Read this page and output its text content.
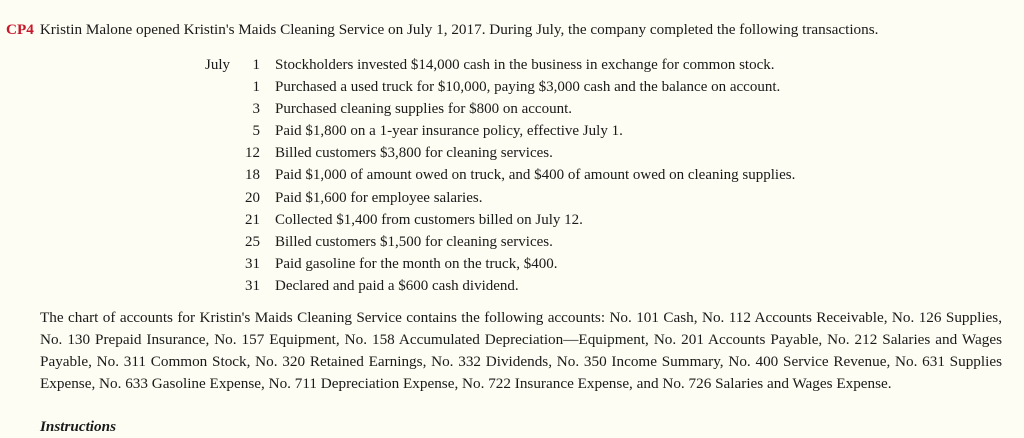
CP4 Kristin Malone opened Kristin's Maids Cleaning Service on July 1, 2017. During July, the company completed the following transactions.
July	1 Stockholders invested $14,000 cash in the business in exchange for common stock.
1 Purchased a used truck for $10,000, paying $3,000 cash and the balance on account.
3 Purchased cleaning supplies for $800 on account.
5 Paid $1,800 on a 1-year insurance policy, effective July 1.
12 Billed customers $3,800 for cleaning services.
18 Paid $1,000 of amount owed on truck, and $400 of amount owed on cleaning supplies.
20 Paid $1,600 for employee salaries.
21 Collected $1,400 from customers billed on July 12.
25 Billed customers $1,500 for cleaning services.
31 Paid gasoline for the month on the truck, $400.
31 Declared and paid a $600 cash dividend.
The chart of accounts for Kristin's Maids Cleaning Service contains the following accounts: No. 101 Cash, No. 112 Accounts Receivable, No. 126 Supplies, No. 130 Prepaid Insurance, No. 157 Equipment, No. 158 Accumulated Depreciation—Equipment, No. 201 Accounts Payable, No. 212 Salaries and Wages Payable, No. 311 Common Stock, No. 320 Retained Earnings, No. 332 Dividends, No. 350 Income Summary, No. 400 Service Revenue, No. 631 Supplies Expense, No. 633 Gasoline Expense, No. 711 Depreciation Expense, No. 722 Insurance Expense, and No. 726 Salaries and Wages Expense.
Instructions
